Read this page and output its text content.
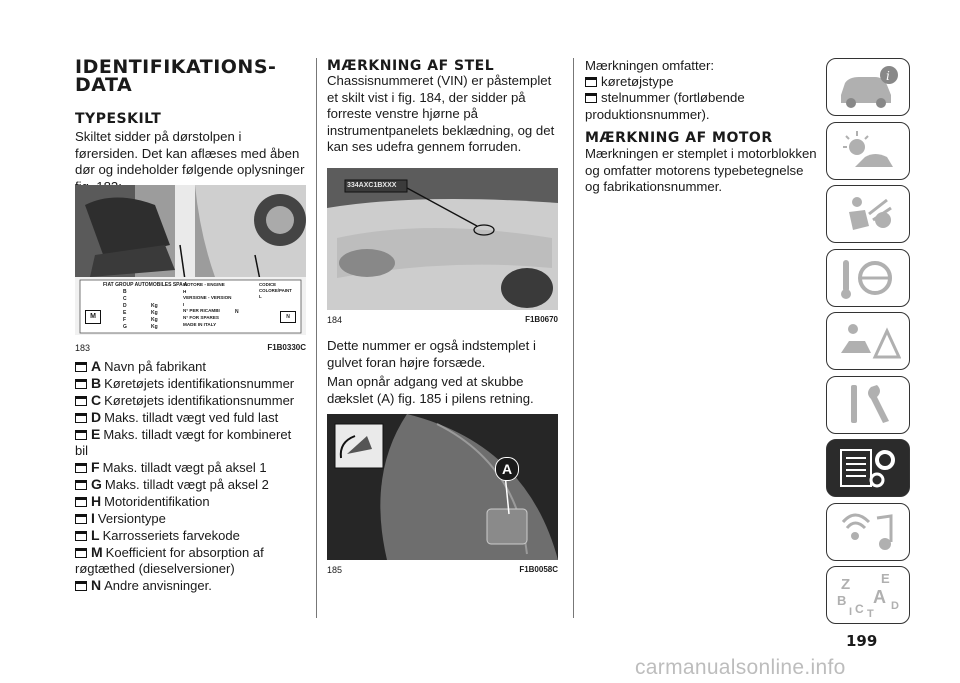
IDENTIFIKATIONS-
DATA
TYPESKILT

Skiltet sidder på dørstolpen i førersiden. Det kan aflæses med åben dør og indeholder følgende oplysninger

FIAT GROUP AUTOMOBILES SPA A
B
C
D
E
F
G
Kg
Kg
Kg
Kg
M
MOTORE - ENGINE
H
VERSIONE - VERSION
I
N° PER RICAMBI
N° FOR SPARES
MADE IN ITALY
CODICE COLORE/PAINT
L
N
N
183	F1B0330C
A Navn på fabrikant
B Køretøjets identifikationsnummer
C Køretøjets identifikationsnummer
D Maks. tilladt vægt ved fuld last
E Maks. tilladt vægt for kombineret bil
F Maks. tilladt vægt på aksel 1
G Maks. tilladt vægt på aksel 2
H Motoridentifikation
I Versiontype
L Karrosseriets farvekode
M Koefficient for absorption af røgtæthed (dieselversioner)
N Andre anvisninger.
MÆRKNING AF STEL

Chassisnummeret (VIN) er påstemplet et skilt vist i fig. 184, der sidder på forreste venstre hjørne på instrumentpanelets beklædning, og det kan ses udefra gennem forruden.

334AXC1BXXX
184	F1B0670

Dette nummer er også indstemplet i gulvet foran højre forsæde.

Man opnår adgang ved at skubbe dækslet (A) fig. 185 i pilens retning.

A
185	F1B0058C

Mærkningen omfatter:

køretøjstype

stelnummer (fortløbende produktionsnummer).

MÆRKNING AF MOTOR

Mærkningen er stemplet i motorblokken og omfatter motorens typebetegnelse og fabrikationsnummer.

i
Z E
B A
C D
I T
199
carmanualsonline.info
